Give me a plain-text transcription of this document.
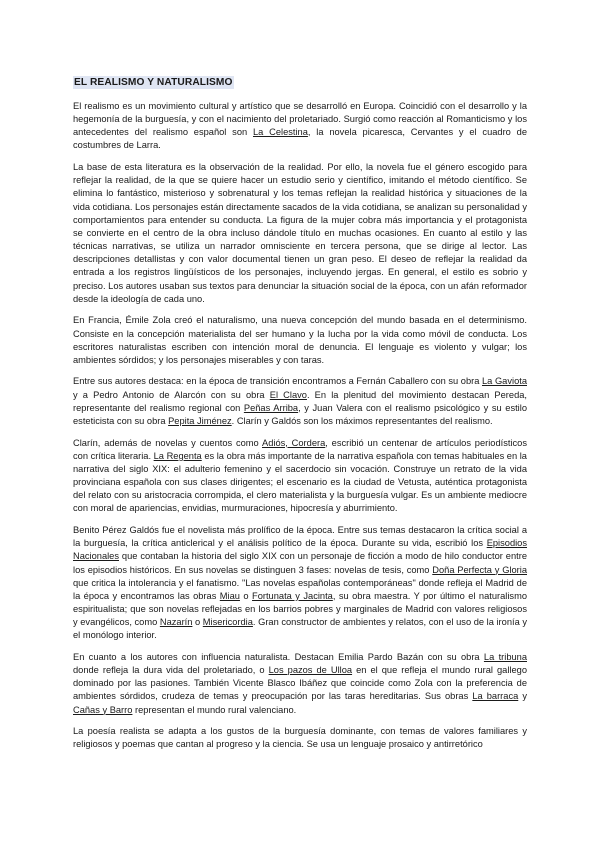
EL REALISMO Y NATURALISMO

El realismo es un movimiento cultural y artístico que se desarrolló en Europa. Coincidió con el desarrollo y la hegemonía de la burguesía, y con el nacimiento del proletariado. Surgió como reacción al Romanticismo y los antecedentes del realismo español son La Celestina, la novela picaresca, Cervantes y el cuadro de costumbres de Larra.

La base de esta literatura es la observación de la realidad. Por ello, la novela fue el género escogido para reflejar la realidad, de la que se quiere hacer un estudio serio y científico, imitando el método científico. Se elimina lo fantástico, misterioso y sobrenatural y los temas reflejan la realidad histórica y situaciones de la vida cotidiana. Los personajes están directamente sacados de la vida cotidiana, se analizan su personalidad y comportamientos para entender su conducta. La figura de la mujer cobra más importancia y el protagonista se convierte en el centro de la obra incluso dándole título en muchas ocasiones. En cuanto al estilo y las técnicas narrativas, se utiliza un narrador omnisciente en tercera persona, que se dirige al lector. Las descripciones detallistas y con valor documental tienen un gran peso. El deseo de reflejar la realidad da entrada a los registros lingüísticos de los personajes, incluyendo jergas. En general, el estilo es sobrio y preciso. Los autores usaban sus textos para denunciar la situación social de la época, con un afán reformador desde la ideología de cada uno.

En Francia, Émile Zola creó el naturalismo, una nueva concepción del mundo basada en el determinismo. Consiste en la concepción materialista del ser humano y la lucha por la vida como móvil de conducta. Los escritores naturalistas escriben con intención moral de denuncia. El lenguaje es violento y vulgar; los ambientes sórdidos; y los personajes miserables y con taras.

Entre sus autores destaca: en la época de transición encontramos a Fernán Caballero con su obra La Gaviota y a Pedro Antonio de Alarcón con su obra El Clavo. En la plenitud del movimiento destacan Pereda, representante del realismo regional con Peñas Arriba, y Juan Valera con el realismo psicológico y su estilo esteticista con su obra Pepita Jiménez. Clarín y Galdós son los máximos representantes del realismo.

Clarín, además de novelas y cuentos como Adiós, Cordera, escribió un centenar de artículos periodísticos con crítica literaria. La Regenta es la obra más importante de la narrativa española con temas habituales en la narrativa del siglo XIX: el adulterio femenino y el sacerdocio sin vocación. Construye un retrato de la vida provinciana española con sus clases dirigentes; el escenario es la ciudad de Vetusta, auténtica protagonista del relato con su aristocracia corrompida, el clero materialista y la burguesía vulgar. Es un ambiente mediocre con moral de apariencias, envidias, murmuraciones, hipocresía y aburrimiento.

Benito Pérez Galdós fue el novelista más prolífico de la época. Entre sus temas destacaron la crítica social a la burguesía, la crítica anticlerical y el análisis político de la época. Durante su vida, escribió los Episodios Nacionales que contaban la historia del siglo XIX con un personaje de ficción a modo de hilo conductor entre los episodios históricos. En sus novelas se distinguen 3 fases: novelas de tesis, como Doña Perfecta y Gloria que critica la intolerancia y el fanatismo. "Las novelas españolas contemporáneas" donde refleja el Madrid de la época y encontramos las obras Miau o Fortunata y Jacinta, su obra maestra. Y por último el naturalismo espiritualista; que son novelas reflejadas en los barrios pobres y marginales de Madrid con valores religiosos y evangélicos, como Nazarín o Misericordia. Gran constructor de ambientes y relatos, con el uso de la ironía y el monólogo interior.

En cuanto a los autores con influencia naturalista. Destacan Emilia Pardo Bazán con su obra La tribuna donde refleja la dura vida del proletariado, o Los pazos de Ulloa en el que refleja el mundo rural gallego dominado por las pasiones. También Vicente Blasco Ibáñez que coincide como Zola con la preferencia de ambientes sórdidos, crudeza de temas y preocupación por las taras hereditarias. Sus obras La barraca y Cañas y Barro representan el mundo rural valenciano.

La poesía realista se adapta a los gustos de la burguesía dominante, con temas de valores familiares y religiosos y poemas que cantan al progreso y la ciencia. Se usa un lenguaje prosaico y antirretórico
